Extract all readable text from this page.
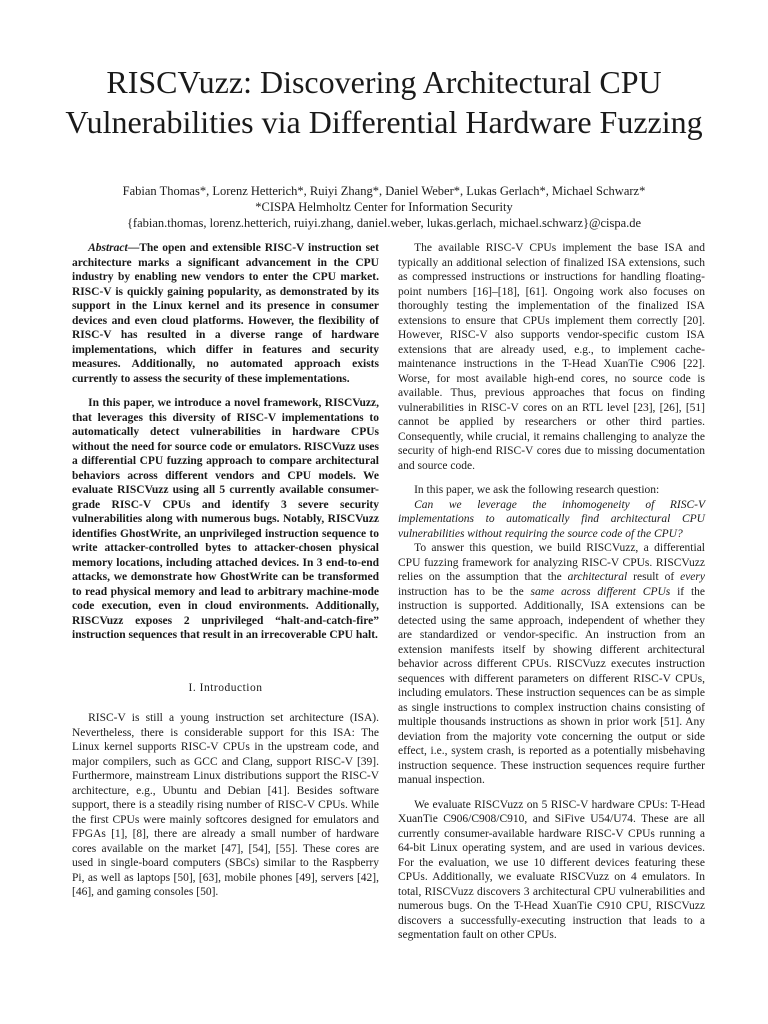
RISCVuzz: Discovering Architectural CPU
Vulnerabilities via Differential Hardware Fuzzing
Fabian Thomas*, Lorenz Hetterich*, Ruiyi Zhang*, Daniel Weber*, Lukas Gerlach*, Michael Schwarz*
*CISPA Helmholtz Center for Information Security
{fabian.thomas, lorenz.hetterich, ruiyi.zhang, daniel.weber, lukas.gerlach, michael.schwarz}@cispa.de

Abstract—The open and extensible RISC-V instruction set architecture marks a significant advancement in the CPU industry by enabling new vendors to enter the CPU market. RISC-V is quickly gaining popularity, as demonstrated by its support in the Linux kernel and its presence in consumer devices and even cloud platforms. However, the flexibility of RISC-V has resulted in a diverse range of hardware implementations, which differ in features and security measures. Additionally, no automated approach exists currently to assess the security of these implementations.

In this paper, we introduce a novel framework, RISCVuzz, that leverages this diversity of RISC-V implementations to automatically detect vulnerabilities in hardware CPUs without the need for source code or emulators. RISCVuzz uses a differential CPU fuzzing approach to compare architectural behaviors across different vendors and CPU models. We evaluate RISCVuzz using all 5 currently available consumer-grade RISC-V CPUs and identify 3 severe security vulnerabilities along with numerous bugs. Notably, RISCVuzz identifies GhostWrite, an unprivileged instruction sequence to write attacker-controlled bytes to attacker-chosen physical memory locations, including attached devices. In 3 end-to-end attacks, we demonstrate how GhostWrite can be transformed to read physical memory and lead to arbitrary machine-mode code execution, even in cloud environments. Additionally, RISCVuzz exposes 2 unprivileged “halt-and-catch-fire” instruction sequences that result in an irrecoverable CPU halt.

I. Introduction

RISC-V is still a young instruction set architecture (ISA). Nevertheless, there is considerable support for this ISA: The Linux kernel supports RISC-V CPUs in the upstream code, and major compilers, such as GCC and Clang, support RISC-V [39]. Furthermore, mainstream Linux distributions support the RISC-V architecture, e.g., Ubuntu and Debian [41]. Besides software support, there is a steadily rising number of RISC-V CPUs. While the first CPUs were mainly softcores designed for emulators and FPGAs [1], [8], there are already a small number of hardware cores available on the market [47], [54], [55]. These cores are used in single-board computers (SBCs) similar to the Raspberry Pi, as well as laptops [50], [63], mobile phones [49], servers [42], [46], and gaming consoles [50].

The available RISC-V CPUs implement the base ISA and typically an additional selection of finalized ISA extensions, such as compressed instructions or instructions for handling floating-point numbers [16]–[18], [61]. Ongoing work also focuses on thoroughly testing the implementation of the finalized ISA extensions to ensure that CPUs implement them correctly [20]. However, RISC-V also supports vendor-specific custom ISA extensions that are already used, e.g., to implement cache-maintenance instructions in the T-Head XuanTie C906 [22]. Worse, for most available high-end cores, no source code is available. Thus, previous approaches that focus on finding vulnerabilities in RISC-V cores on an RTL level [23], [26], [51] cannot be applied by researchers or other third parties. Consequently, while crucial, it remains challenging to analyze the security of high-end RISC-V cores due to missing documentation and source code.

In this paper, we ask the following research question:

Can we leverage the inhomogeneity of RISC-V implementations to automatically find architectural CPU vulnerabilities without requiring the source code of the CPU?

To answer this question, we build RISCVuzz, a differential CPU fuzzing framework for analyzing RISC-V CPUs. RISCVuzz relies on the assumption that the architectural result of every instruction has to be the same across different CPUs if the instruction is supported. Additionally, ISA extensions can be detected using the same approach, independent of whether they are standardized or vendor-specific. An instruction from an extension manifests itself by showing different architectural behavior across different CPUs. RISCVuzz executes instruction sequences with different parameters on different RISC-V CPUs, including emulators. These instruction sequences can be as simple as single instructions to complex instruction chains consisting of multiple thousands instructions as shown in prior work [51]. Any deviation from the majority vote concerning the output or side effect, i.e., system crash, is reported as a potentially misbehaving instruction sequence. These instruction sequences require further manual inspection.

We evaluate RISCVuzz on 5 RISC-V hardware CPUs: T-Head XuanTie C906/C908/C910, and SiFive U54/U74. These are all currently consumer-available hardware RISC-V CPUs running a 64-bit Linux operating system, and are used in various devices. For the evaluation, we use 10 different devices featuring these CPUs. Additionally, we evaluate RISCVuzz on 4 emulators. In total, RISCVuzz discovers 3 architectural CPU vulnerabilities and numerous bugs. On the T-Head XuanTie C910 CPU, RISCVuzz discovers a successfully-executing instruction that leads to a segmentation fault on other CPUs.
